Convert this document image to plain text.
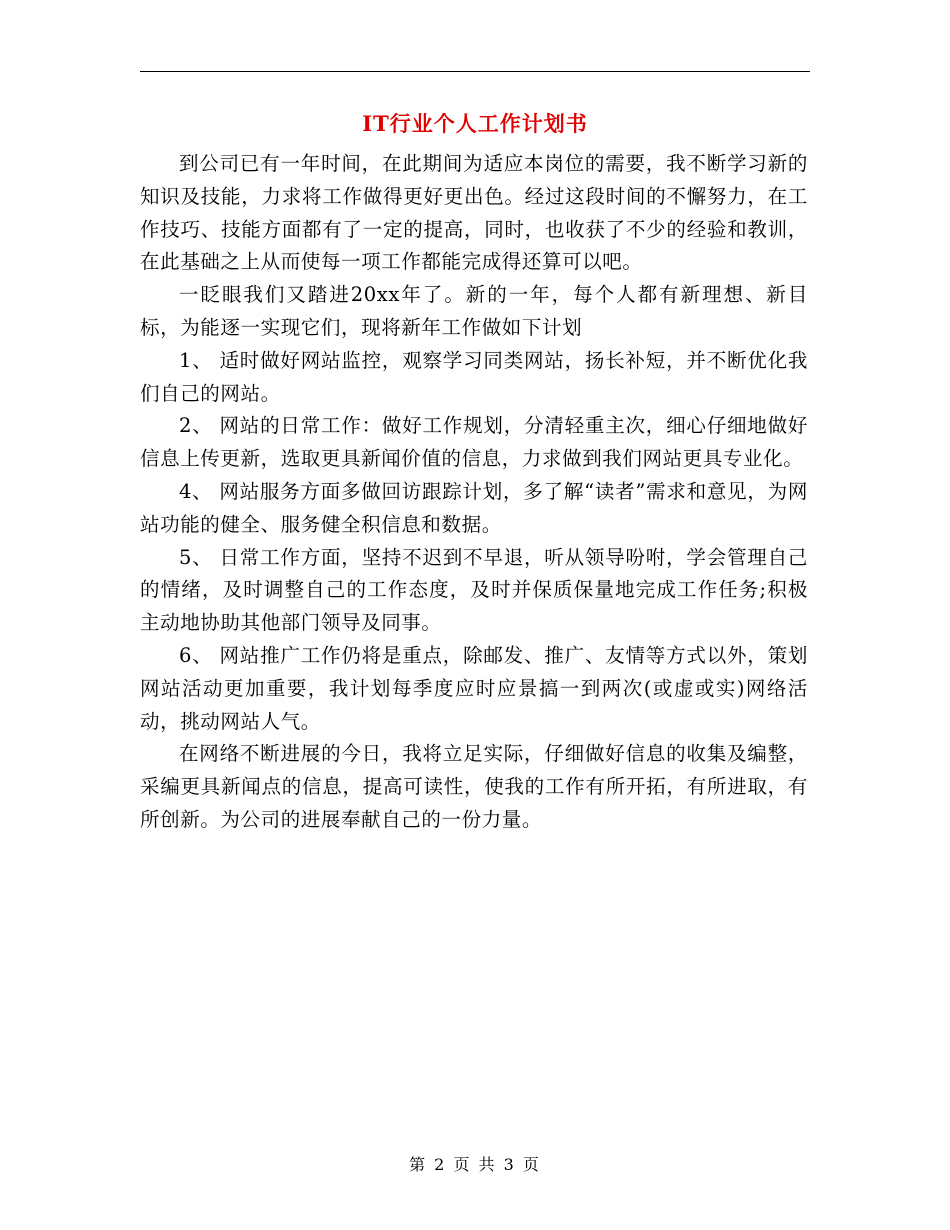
IT行业个人工作计划书

到公司已有一年时间，在此期间为适应本岗位的需要，我不断学习新的知识及技能，力求将工作做得更好更出色。经过这段时间的不懈努力，在工作技巧、技能方面都有了一定的提高，同时，也收获了不少的经验和教训，在此基础之上从而使每一项工作都能完成得还算可以吧。

一眨眼我们又踏进20xx年了。新的一年，每个人都有新理想、新目标，为能逐一实现它们，现将新年工作做如下计划

1、 适时做好网站监控，观察学习同类网站，扬长补短，并不断优化我们自己的网站。

2、 网站的日常工作：做好工作规划，分清轻重主次，细心仔细地做好信息上传更新，选取更具新闻价值的信息，力求做到我们网站更具专业化。

4、 网站服务方面多做回访跟踪计划，多了解“读者”需求和意见，为网站功能的健全、服务健全积信息和数据。

5、 日常工作方面，坚持不迟到不早退，听从领导吩咐，学会管理自己的情绪，及时调整自己的工作态度，及时并保质保量地完成工作任务;积极主动地协助其他部门领导及同事。

6、 网站推广工作仍将是重点，除邮发、推广、友情等方式以外，策划网站活动更加重要，我计划每季度应时应景搞一到两次(或虚或实)网络活动，挑动网站人气。

在网络不断进展的今日，我将立足实际，仔细做好信息的收集及编整，采编更具新闻点的信息，提高可读性，使我的工作有所开拓，有所进取，有所创新。为公司的进展奉献自己的一份力量。

第 2 页 共 3 页
